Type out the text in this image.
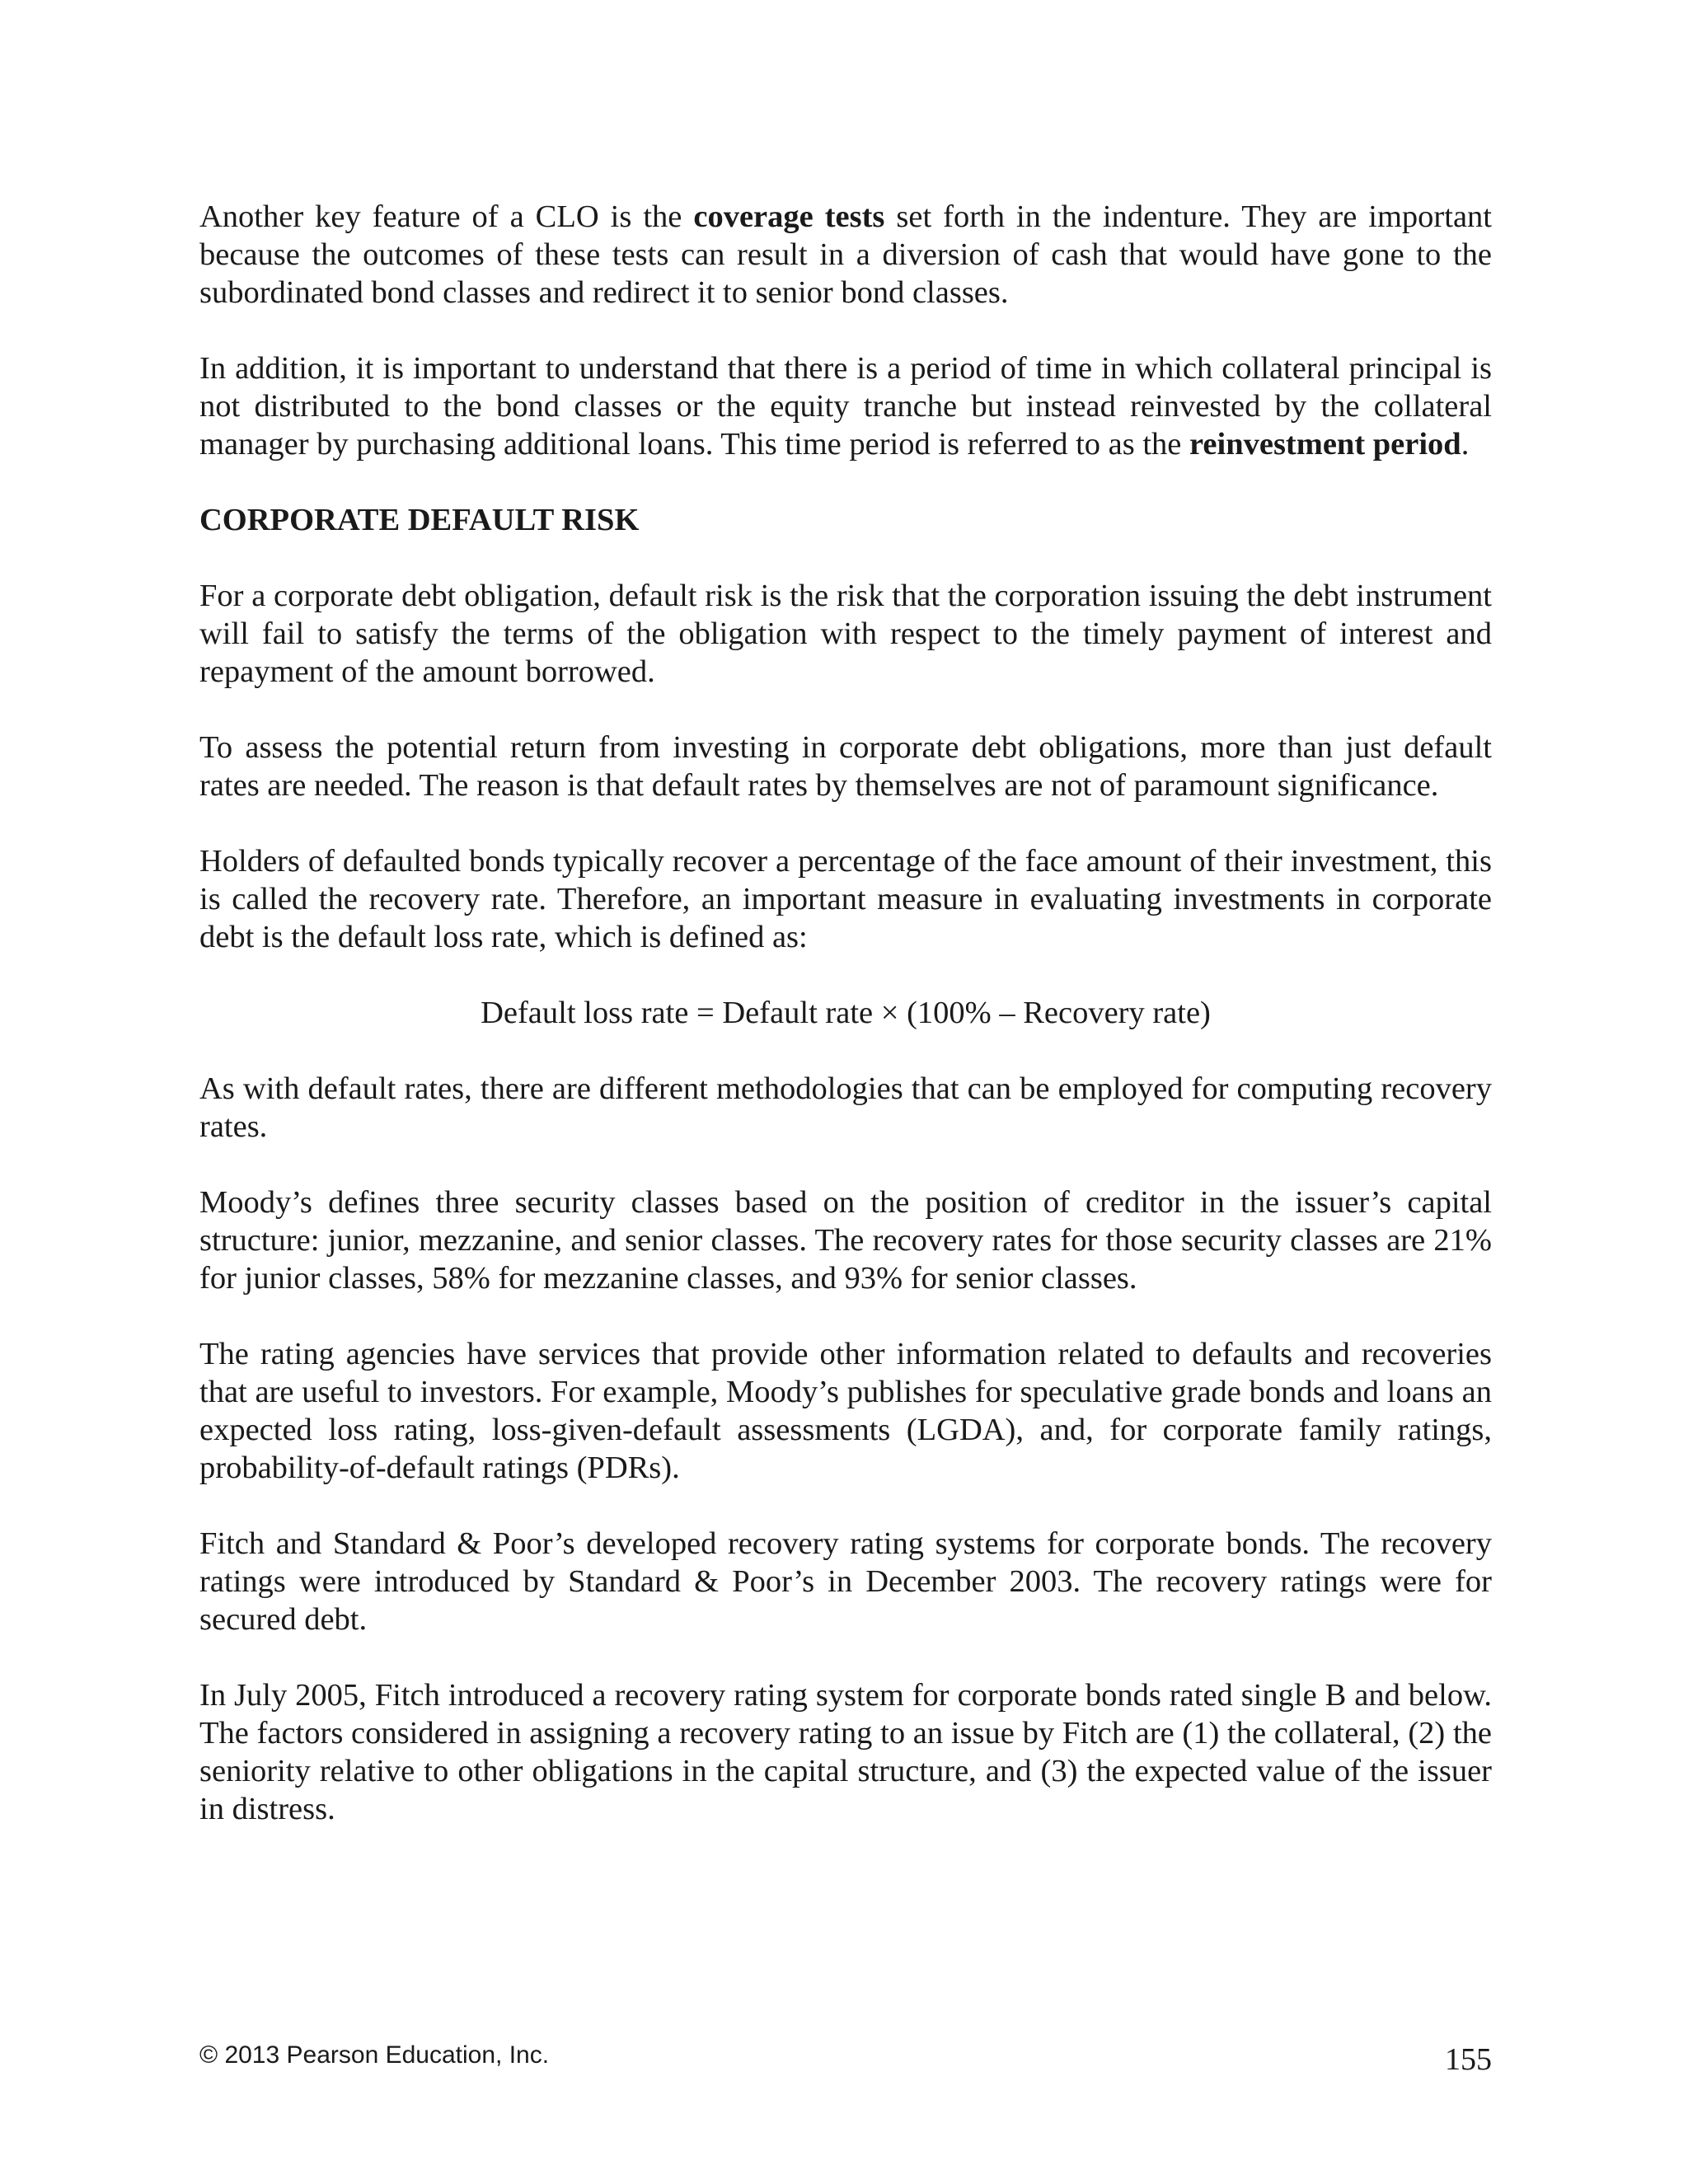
Another key feature of a CLO is the coverage tests set forth in the indenture. They are important because the outcomes of these tests can result in a diversion of cash that would have gone to the subordinated bond classes and redirect it to senior bond classes.

In addition, it is important to understand that there is a period of time in which collateral principal is not distributed to the bond classes or the equity tranche but instead reinvested by the collateral manager by purchasing additional loans. This time period is referred to as the reinvestment period.

CORPORATE DEFAULT RISK

For a corporate debt obligation, default risk is the risk that the corporation issuing the debt instrument will fail to satisfy the terms of the obligation with respect to the timely payment of interest and repayment of the amount borrowed.

To assess the potential return from investing in corporate debt obligations, more than just default rates are needed. The reason is that default rates by themselves are not of paramount significance.

Holders of defaulted bonds typically recover a percentage of the face amount of their investment, this is called the recovery rate. Therefore, an important measure in evaluating investments in corporate debt is the default loss rate, which is defined as:

Default loss rate = Default rate × (100% – Recovery rate)

As with default rates, there are different methodologies that can be employed for computing recovery rates.

Moody’s defines three security classes based on the position of creditor in the issuer’s capital structure: junior, mezzanine, and senior classes. The recovery rates for those security classes are 21% for junior classes, 58% for mezzanine classes, and 93% for senior classes.

The rating agencies have services that provide other information related to defaults and recoveries that are useful to investors. For example, Moody’s publishes for speculative grade bonds and loans an expected loss rating, loss-given-default assessments (LGDA), and, for corporate family ratings, probability-of-default ratings (PDRs).

Fitch and Standard & Poor’s developed recovery rating systems for corporate bonds. The recovery ratings were introduced by Standard & Poor’s in December 2003. The recovery ratings were for secured debt.

In July 2005, Fitch introduced a recovery rating system for corporate bonds rated single B and below. The factors considered in assigning a recovery rating to an issue by Fitch are (1) the collateral, (2) the seniority relative to other obligations in the capital structure, and (3) the expected value of the issuer in distress.

© 2013 Pearson Education, Inc.	155
